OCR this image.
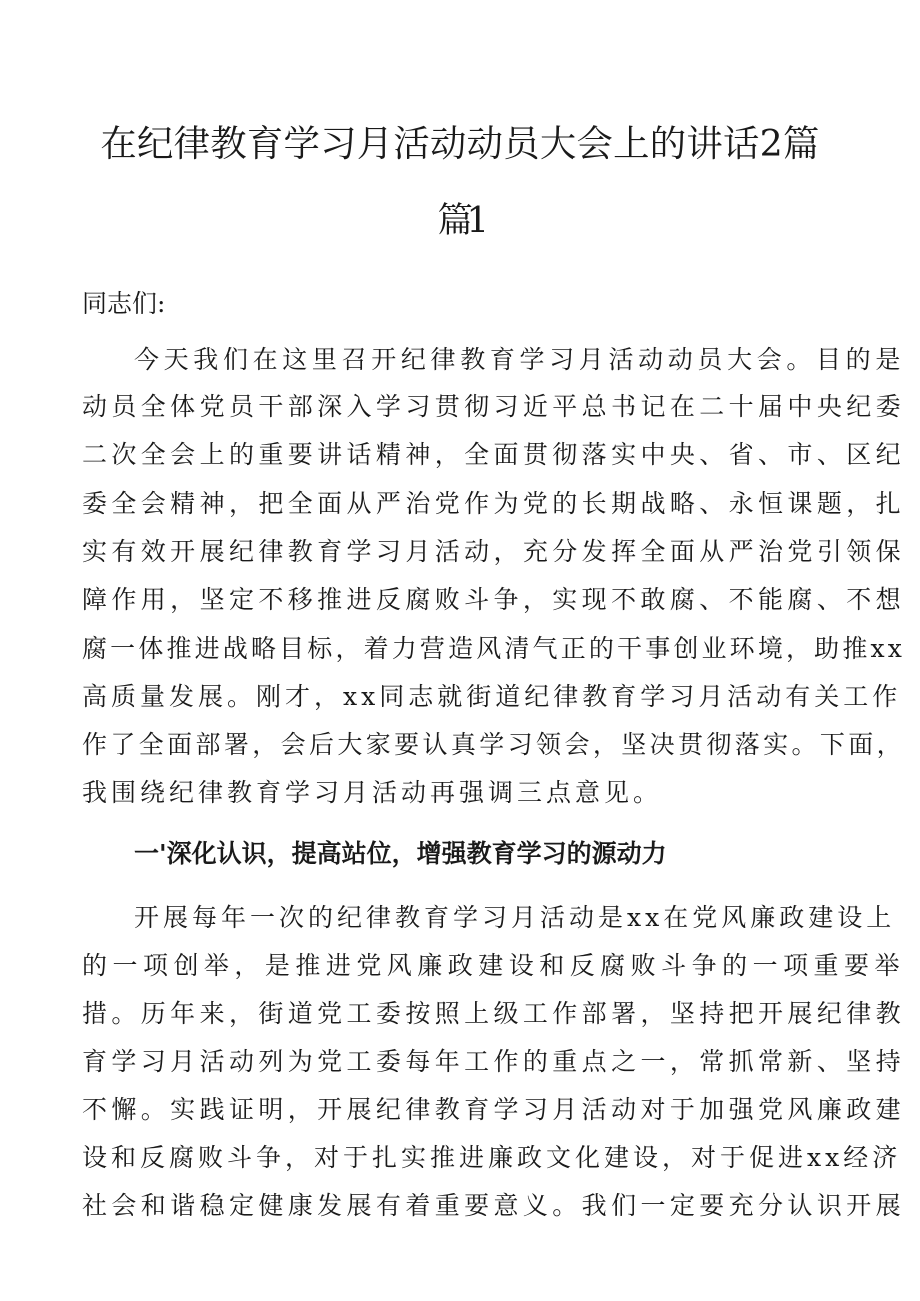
在纪律教育学习月活动动员大会上的讲话2篇
篇1
同志们:
今天我们在这里召开纪律教育学习月活动动员大会。目的是
动员全体党员干部深入学习贯彻习近平总书记在二十届中央纪委
二次全会上的重要讲话精神，全面贯彻落实中央、省、市、区纪
委全会精神，把全面从严治党作为党的长期战略、永恒课题，扎
实有效开展纪律教育学习月活动，充分发挥全面从严治党引领保
障作用，坚定不移推进反腐败斗争，实现不敢腐、不能腐、不想
腐一体推进战略目标，着力营造风清气正的干事创业环境，助推xx
高质量发展。刚才，xx同志就街道纪律教育学习月活动有关工作
作了全面部署，会后大家要认真学习领会，坚决贯彻落实。下面，
我围绕纪律教育学习月活动再强调三点意见。
一'深化认识，提高站位，增强教育学习的源动力
开展每年一次的纪律教育学习月活动是xx在党风廉政建设上
的一项创举，是推进党风廉政建设和反腐败斗争的一项重要举
措。历年来，街道党工委按照上级工作部署，坚持把开展纪律教
育学习月活动列为党工委每年工作的重点之一，常抓常新、坚持
不懈。实践证明，开展纪律教育学习月活动对于加强党风廉政建
设和反腐败斗争，对于扎实推进廉政文化建设，对于促进xx经济
社会和谐稳定健康发展有着重要意义。我们一定要充分认识开展
